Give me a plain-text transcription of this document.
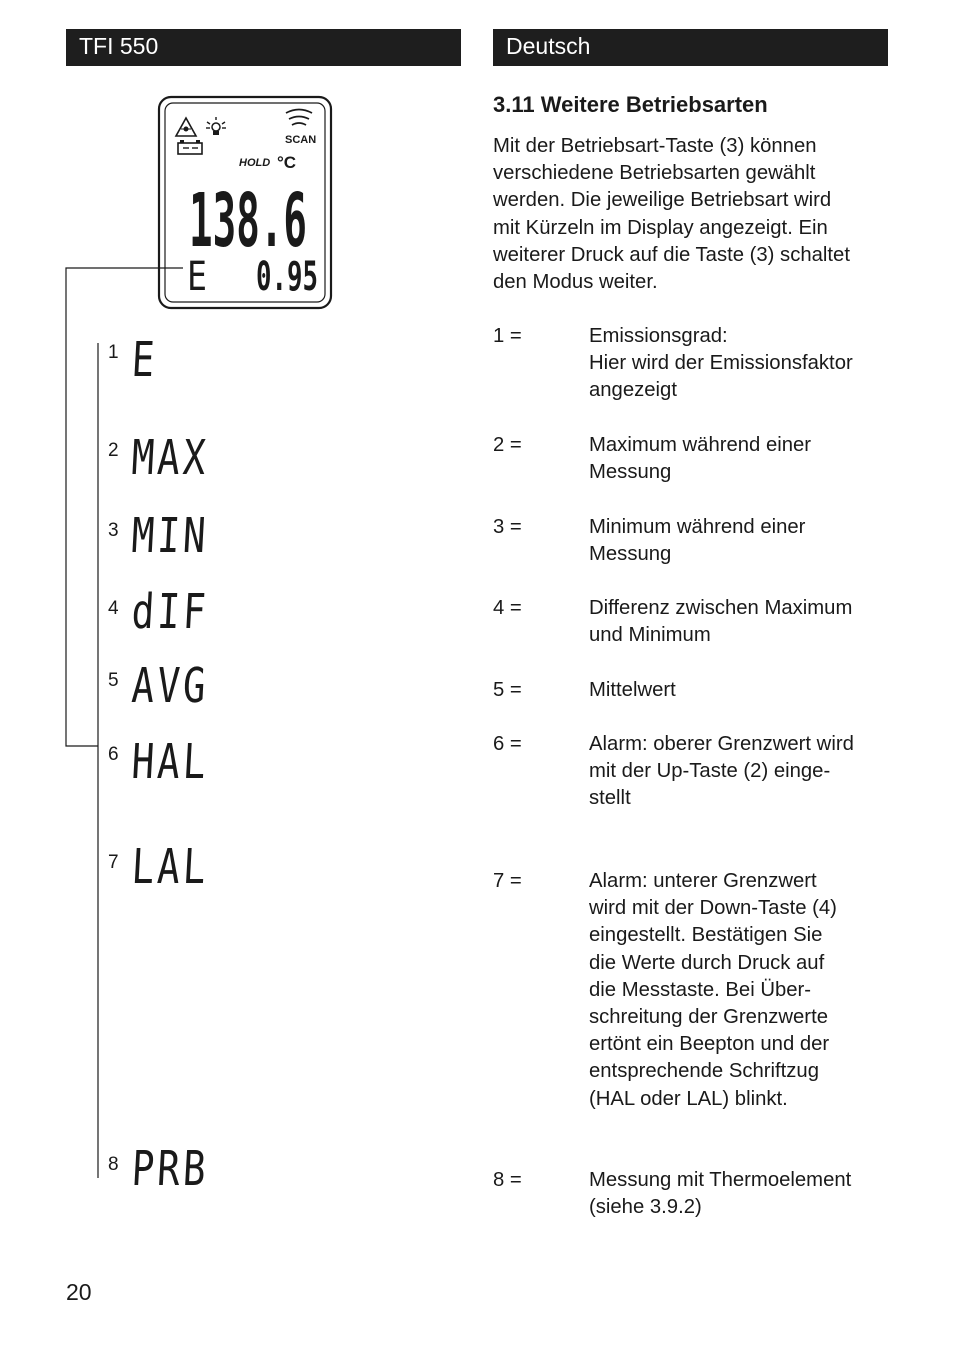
TFI 550	Deutsch
SCAN
HOLD °C
138.6
E 0.95
1 E
2 MAX
3 MIN
4 dIF
5 AVG
6 HAL
7 LAL
8 PRB
3.11 Weitere Betriebsarten
Mit der Betriebsart-Taste (3) können
verschiedene Betriebsarten gewählt
werden. Die jeweilige Betriebsart wird
mit Kürzeln im Display angezeigt. Ein
weiterer Druck auf die Taste (3) schaltet
den Modus weiter.
1 =	Emissionsgrad:
Hier wird der Emissionsfaktor
angezeigt
2 =	Maximum während einer
Messung
3 =	Minimum während einer
Messung
4 =	Differenz zwischen Maximum
und Minimum
5 =	Mittelwert
6 =	Alarm: oberer Grenzwert wird
mit der Up-Taste (2) einge-
stellt
7 =	Alarm: unterer Grenzwert
wird mit der Down-Taste (4)
eingestellt. Bestätigen Sie
die Werte durch Druck auf
die Messtaste. Bei Über-
schreitung der Grenzwerte
ertönt ein Beepton und der
entsprechende Schriftzug
(HAL oder LAL) blinkt.
8 =	Messung mit Thermoelement
(siehe 3.9.2)
20
